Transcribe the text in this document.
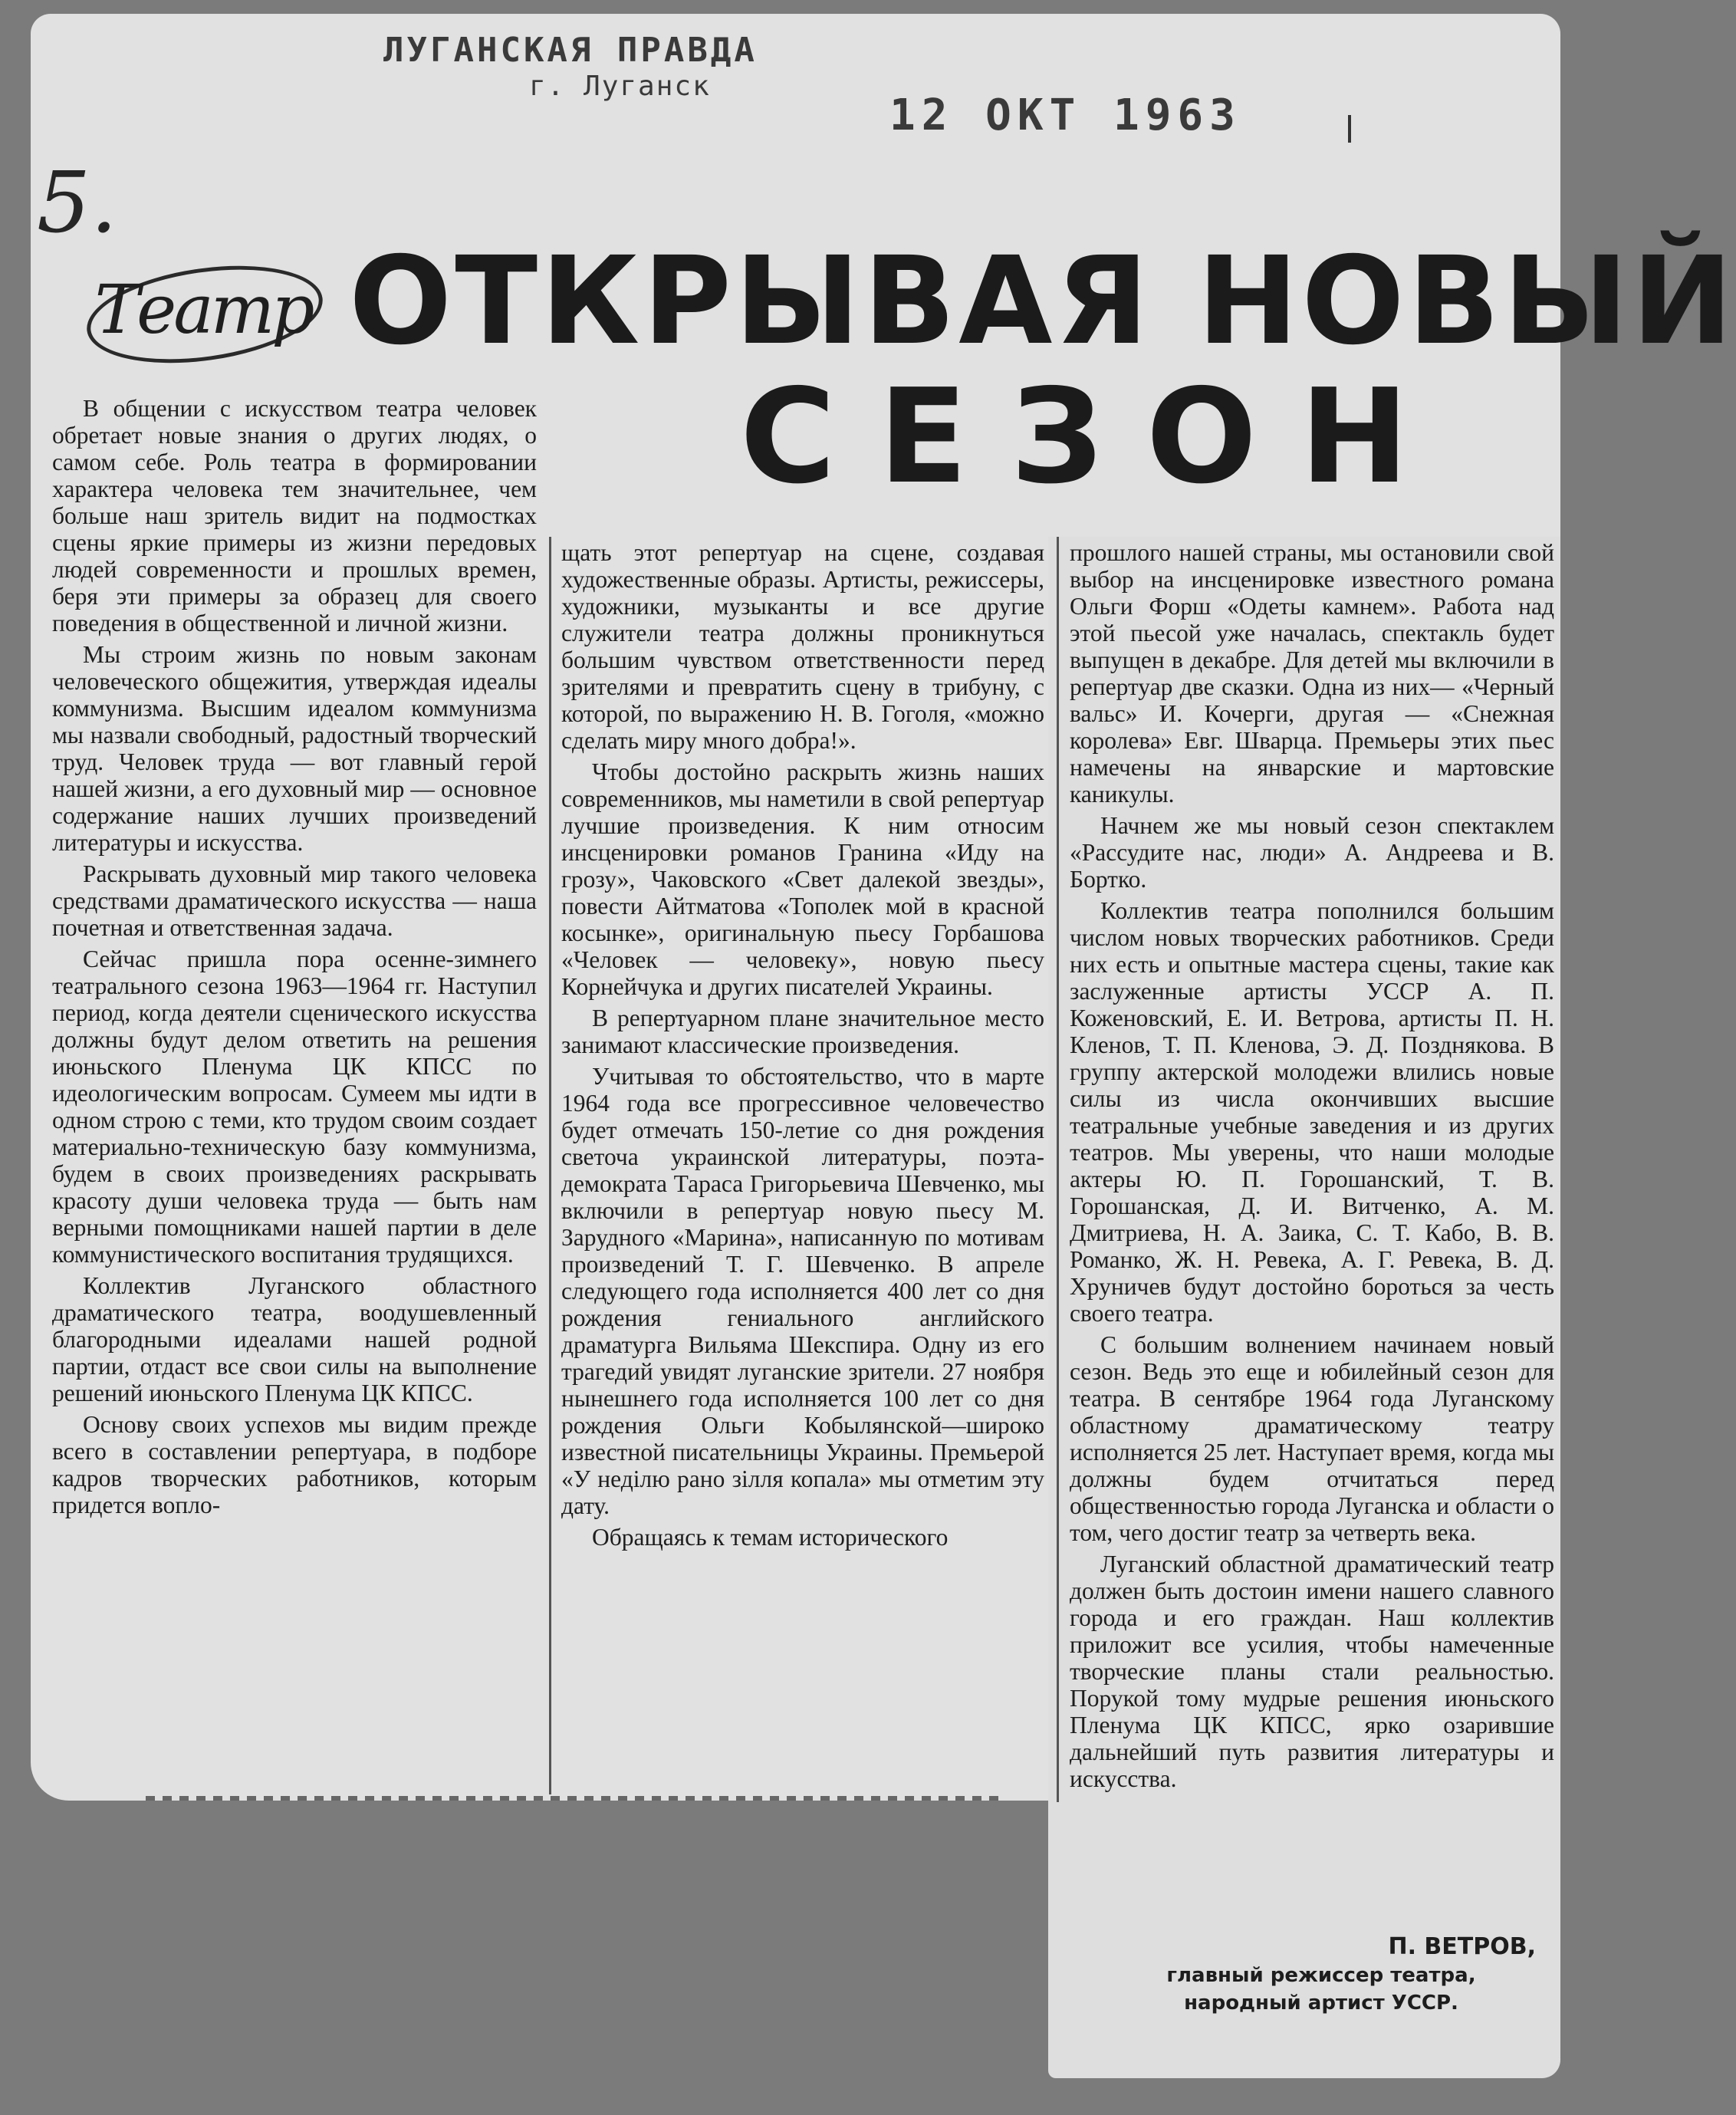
ЛУГАНСКАЯ ПРАВДА
г. Луганск
12 ОКТ 1963
5.
Театр ОТКРЫВАЯ НОВЫЙ
СЕЗОН

В общении с искусством театра человек обретает новые знания о других людях, о самом себе. Роль театра в формировании характера человека тем значительнее, чем больше наш зритель видит на подмостках сцены яркие примеры из жизни передовых людей современности и прошлых времен, беря эти примеры за образец для своего поведения в общественной и личной жизни.

Мы строим жизнь по новым законам человеческого общежития, утверждая идеалы коммунизма. Высшим идеалом коммунизма мы назвали свободный, радостный творческий труд. Человек труда — вот главный герой нашей жизни, а его духовный мир — основное содержание наших лучших произведений литературы и искусства.

Раскрывать духовный мир такого человека средствами драматического искусства — наша почетная и ответственная задача.

Сейчас пришла пора осенне-зимнего театрального сезона 1963—1964 гг. Наступил период, когда деятели сценического искусства должны будут делом ответить на решения июньского Пленума ЦК КПСС по идеологическим вопросам. Сумеем мы идти в одном строю с теми, кто трудом своим создает материально-техническую базу коммунизма, будем в своих произведениях раскрывать красоту души человека труда — быть нам верными помощниками нашей партии в деле коммунистического воспитания трудящихся.

Коллектив Луганского областного драматического театра, воодушевленный благородными идеалами нашей родной партии, отдаст все свои силы на выполнение решений июньского Пленума ЦК КПСС.

Основу своих успехов мы видим прежде всего в составлении репертуара, в подборе кадров творческих работников, которым придется вопло-

щать этот репертуар на сцене, создавая художественные образы. Артисты, режиссеры, художники, музыканты и все другие служители театра должны проникнуться большим чувством ответственности перед зрителями и превратить сцену в трибуну, с которой, по выражению Н. В. Гоголя, «можно сделать миру много добра!».

Чтобы достойно раскрыть жизнь наших современников, мы наметили в свой репертуар лучшие произведения. К ним относим инсценировки романов Гранина «Иду на грозу», Чаковского «Свет далекой звезды», повести Айтматова «Тополек мой в красной косынке», оригинальную пьесу Горбашова «Человек — человеку», новую пьесу Корнейчука и других писателей Украины.

В репертуарном плане значительное место занимают классические произведения.

Учитывая то обстоятельство, что в марте 1964 года все прогрессивное человечество будет отмечать 150-летие со дня рождения светоча украинской литературы, поэта-демократа Тараса Григорьевича Шевченко, мы включили в репертуар новую пьесу М. Зарудного «Марина», написанную по мотивам произведений Т. Г. Шевченко. В апреле следующего года исполняется 400 лет со дня рождения гениального английского драматурга Вильяма Шекспира. Одну из его трагедий увидят луганские зрители. 27 ноября нынешнего года исполняется 100 лет со дня рождения Ольги Кобылянской—широко известной писательницы Украины. Премьерой «У неділю рано зілля копала» мы отметим эту дату.

Обращаясь к темам исторического

прошлого нашей страны, мы остановили свой выбор на инсценировке известного романа Ольги Форш «Одеты камнем». Работа над этой пьесой уже началась, спектакль будет выпущен в декабре. Для детей мы включили в репертуар две сказки. Одна из них— «Черный вальс» И. Кочерги, другая — «Снежная королева» Евг. Шварца. Премьеры этих пьес намечены на январские и мартовские каникулы.

Начнем же мы новый сезон спектаклем «Рассудите нас, люди» А. Андреева и В. Бортко.

Коллектив театра пополнился большим числом новых творческих работников. Среди них есть и опытные мастера сцены, такие как заслуженные артисты УССР А. П. Коженовский, Е. И. Ветрова, артисты П. Н. Кленов, Т. П. Кленова, Э. Д. Позднякова. В группу актерской молодежи влились новые силы из числа окончивших высшие театральные учебные заведения и из других театров. Мы уверены, что наши молодые актеры Ю. П. Горошанский, Т. В. Горошанская, Д. И. Витченко, А. М. Дмитриева, Н. А. Заика, С. Т. Кабо, В. В. Романко, Ж. Н. Ревека, А. Г. Ревека, В. Д. Хруничев будут достойно бороться за честь своего театра.

С большим волнением начинаем новый сезон. Ведь это еще и юбилейный сезон для театра. В сентябре 1964 года Луганскому областному драматическому театру исполняется 25 лет. Наступает время, когда мы должны будем отчитаться перед общественностью города Луганска и области о том, чего достиг театр за четверть века.

Луганский областной драматический театр должен быть достоин имени нашего славного города и его граждан. Наш коллектив приложит все усилия, чтобы намеченные творческие планы стали реальностью. Порукой тому мудрые решения июньского Пленума ЦК КПСС, ярко озарившие дальнейший путь развития литературы и искусства.

П. ВЕТРОВ,
главный режиссер театра, народный артист УССР.
